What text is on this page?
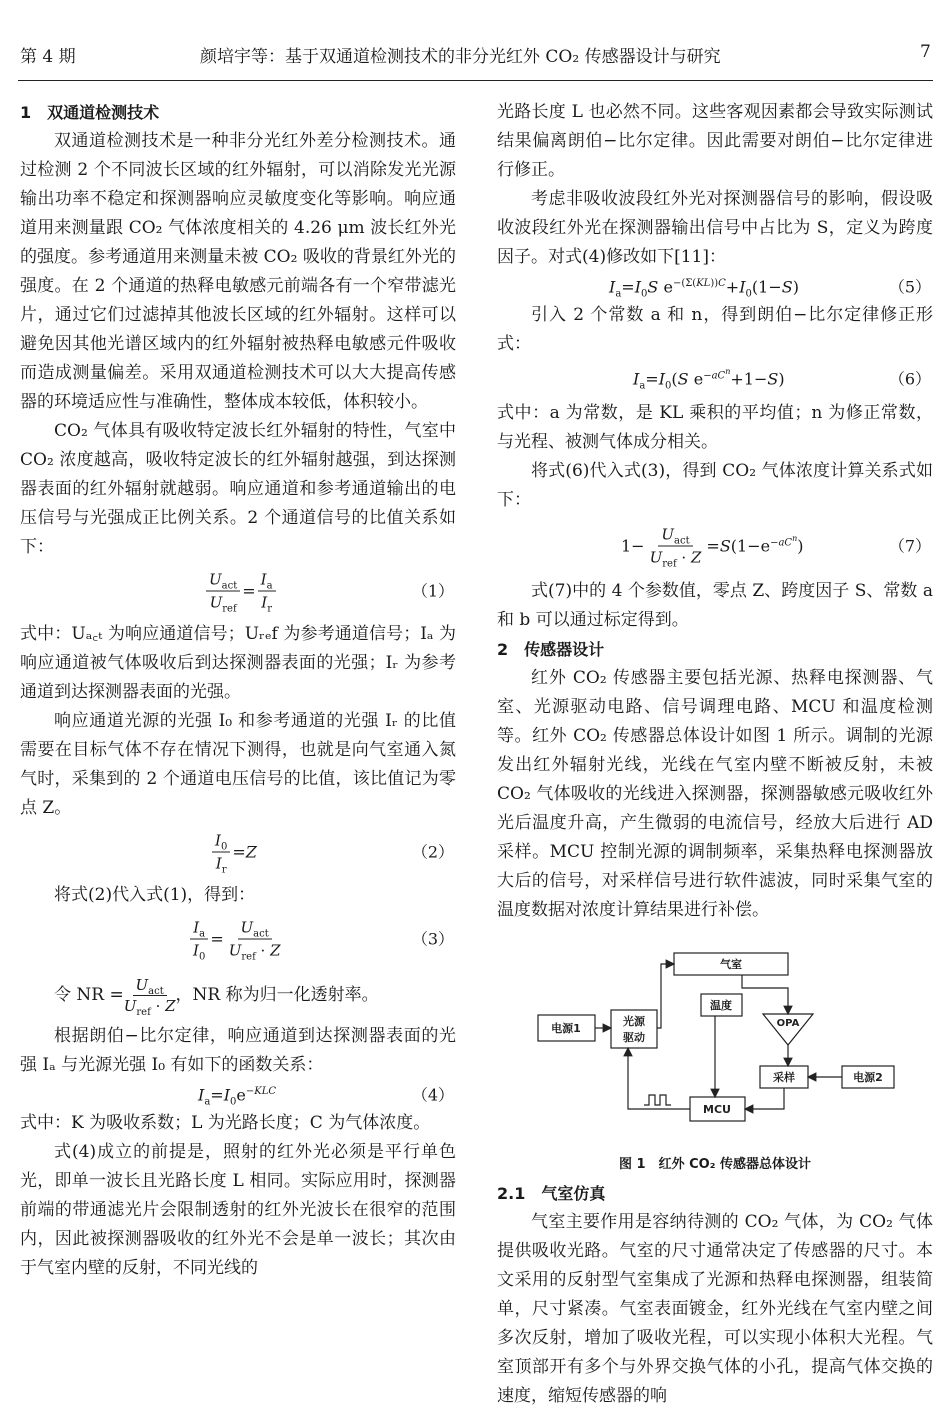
第 4 期	颜培宇等：基于双通道检测技术的非分光红外 CO₂ 传感器设计与研究	7
1 双通道检测技术

双通道检测技术是一种非分光红外差分检测技术。通过检测 2 个不同波长区域的红外辐射，可以消除发光光源输出功率不稳定和探测器响应灵敏度变化等影响。响应通道用来测量跟 CO₂ 气体浓度相关的 4.26 μm 波长红外光的强度。参考通道用来测量未被 CO₂ 吸收的背景红外光的强度。在 2 个通道的热释电敏感元前端各有一个窄带滤光片，通过它们过滤掉其他波长区域的红外辐射。这样可以避免因其他光谱区域内的红外辐射被热释电敏感元件吸收而造成测量偏差。采用双通道检测技术可以大大提高传感器的环境适应性与准确性，整体成本较低，体积较小。

CO₂ 气体具有吸收特定波长红外辐射的特性，气室中 CO₂ 浓度越高，吸收特定波长的红外辐射越强，到达探测器表面的红外辐射就越弱。响应通道和参考通道输出的电压信号与光强成正比例关系。2 个通道信号的比值关系如下：

$\frac{U_{act}}{U_{ref}} = \frac{I_a}{I_r}$	（1）

式中：Uₐ꜀ₜ 为响应通道信号；Uᵣₑf 为参考通道信号；Iₐ 为响应通道被气体吸收后到达探测器表面的光强；Iᵣ 为参考通道到达探测器表面的光强。

响应通道光源的光强 I₀ 和参考通道的光强 Iᵣ 的比值需要在目标气体不存在情况下测得，也就是向气室通入氮气时，采集到的 2 个通道电压信号的比值，该比值记为零点 Z。

$\frac{I_0}{I_r} =Z$	（2）

将式(2)代入式(1)，得到：

$\frac{I_a}{I_0} = \frac{U_{act}}{U_{ref} \cdot Z}$	（3）
令 NR = $U_{act}$
$U_{ref} \cdot Z$
，NR 称为归一化透射率。

根据朗伯−比尔定律，响应通道到达探测器表面的光强 Iₐ 与光源光强 I₀ 有如下的函数关系：

$I_a=I_0e^{-KLC}$	（4）

式中：K 为吸收系数；L 为光路长度；C 为气体浓度。

式(4)成立的前提是，照射的红外光必须是平行单色光，即单一波长且光路长度 L 相同。实际应用时，探测器前端的带通滤光片会限制透射的红外光波长在很窄的范围内，因此被探测器吸收的红外光不会是单一波长；其次由于气室内壁的反射，不同光线的

光路长度 L 也必然不同。这些客观因素都会导致实际测试结果偏离朗伯−比尔定律。因此需要对朗伯−比尔定律进行修正。

考虑非吸收波段红外光对探测器信号的影响，假设吸收波段红外光在探测器输出信号中占比为 S，定义为跨度因子。对式(4)修改如下[11]：

$I_a=I_0S$ $e^{-(\Sigma(KL))C}+I_0(1-S)$	（5）

引入 2 个常数 a 和 n，得到朗伯−比尔定律修正形式：

$I_a=I_0(S$ $e^{-aC^n}+1-S$)	（6）

式中：a 为常数，是 KL 乘积的平均值；n 为修正常数，与光程、被测气体成分相关。

将式(6)代入式(3)，得到 CO₂ 气体浓度计算关系式如下：

$1- \frac{U_{act}}{U_{ref} \cdot Z} =S(1-e^{-aC^n})$	（7）

式(7)中的 4 个参数值，零点 Z、跨度因子 S、常数 a 和 b 可以通过标定得到。

2 传感器设计

红外 CO₂ 传感器主要包括光源、热释电探测器、气室、光源驱动电路、信号调理电路、MCU 和温度检测等。红外 CO₂ 传感器总体设计如图 1 所示。调制的光源发出红外辐射光线，光线在气室内壁不断被反射，未被 CO₂ 气体吸收的光线进入探测器，探测器敏感元吸收红外光后温度升高，产生微弱的电流信号，经放大后进行 AD 采样。MCU 控制光源的调制频率，采集热释电探测器放大后的信号，对采样信号进行软件滤波，同时采集气室的温度数据对浓度计算结果进行补偿。

电源1
光源
驱动
气室
温度
OPA
采样	电源2
MCU
图 1　红外 CO₂ 传感器总体设计
2.1 气室仿真

气室主要作用是容纳待测的 CO₂ 气体，为 CO₂ 气体提供吸收光路。气室的尺寸通常决定了传感器的尺寸。本文采用的反射型气室集成了光源和热释电探测器，组装简单，尺寸紧凑。气室表面镀金，红外光线在气室内壁之间多次反射，增加了吸收光程，可以实现小体积大光程。气室顶部开有多个与外界交换气体的小孔，提高气体交换的速度，缩短传感器的响
